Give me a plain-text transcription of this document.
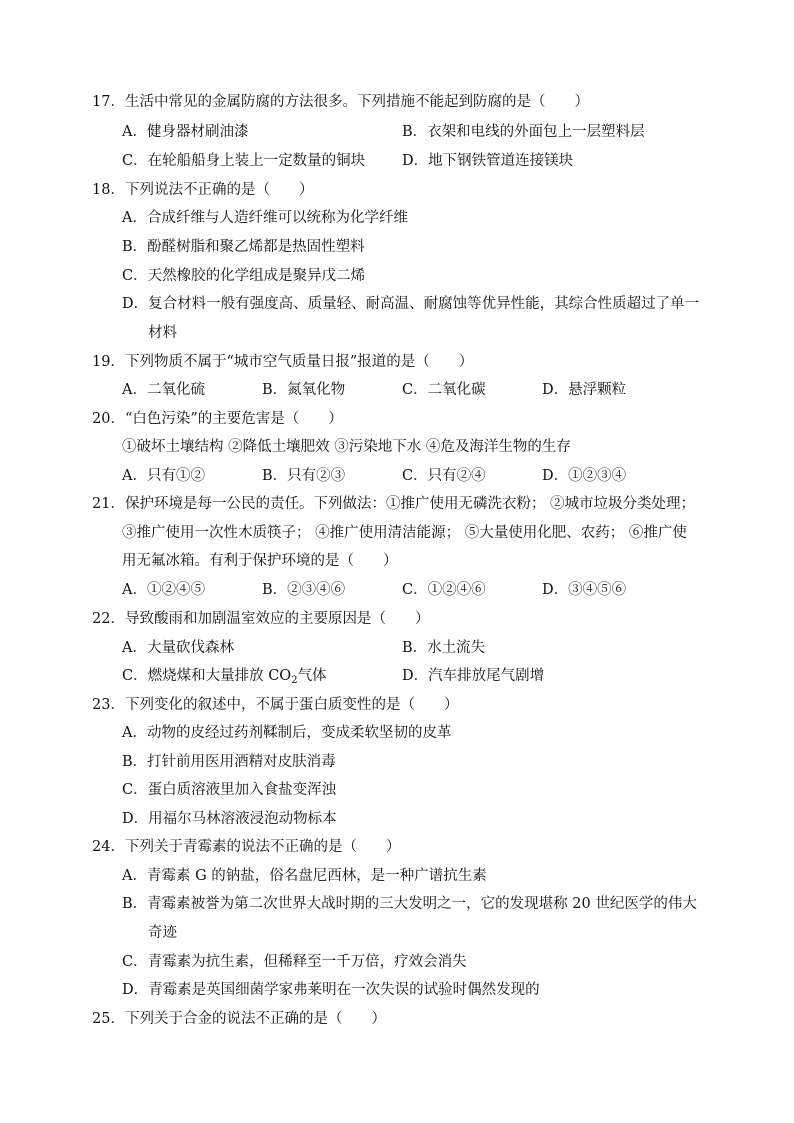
17．生活中常见的金属防腐的方法很多。下列措施不能起到防腐的是（　　）
A．健身器材刷油漆	B．衣架和电线的外面包上一层塑料层
C．在轮船船身上装上一定数量的铜块	D．地下钢铁管道连接镁块
18．下列说法不正确的是（　　）
A．合成纤维与人造纤维可以统称为化学纤维
B．酚醛树脂和聚乙烯都是热固性塑料
C．天然橡胶的化学组成是聚异戊二烯
D．复合材料一般有强度高、质量轻、耐高温、耐腐蚀等优异性能，其综合性质超过了单一
材料
19．下列物质不属于“城市空气质量日报”报道的是（　　）
A．二氧化硫	B．氮氧化物	C．二氧化碳	D．悬浮颗粒
20．“白色污染”的主要危害是（　　）
①破坏土壤结构 ②降低土壤肥效 ③污染地下水 ④危及海洋生物的生存
A．只有①②	B．只有②③	C．只有②④	D．①②③④
21．保护环境是每一公民的责任。下列做法：①推广使用无磷洗衣粉； ②城市垃圾分类处理；
③推广使用一次性木质筷子； ④推广使用清洁能源； ⑤大量使用化肥、农药； ⑥推广使
用无氟冰箱。有利于保护环境的是（　　）
A．①②④⑤	B．②③④⑥	C．①②④⑥	D．③④⑤⑥
22．导致酸雨和加剧温室效应的主要原因是（　　）
A．大量砍伐森林	B．水土流失
C．燃烧煤和大量排放 $CO_2$气体	D．汽车排放尾气剧增
23．下列变化的叙述中，不属于蛋白质变性的是（　　）
A．动物的皮经过药剂鞣制后，变成柔软坚韧的皮革
B．打针前用医用酒精对皮肤消毒
C．蛋白质溶液里加入食盐变浑浊
D．用福尔马林溶液浸泡动物标本
24．下列关于青霉素的说法不正确的是（　　）
A．青霉素 G 的钠盐，俗名盘尼西林，是一种广谱抗生素
B．青霉素被誉为第二次世界大战时期的三大发明之一，它的发现堪称 20 世纪医学的伟大
奇迹
C．青霉素为抗生素，但稀释至一千万倍，疗效会消失
D．青霉素是英国细菌学家弗莱明在一次失误的试验时偶然发现的
25．下列关于合金的说法不正确的是（　　）
